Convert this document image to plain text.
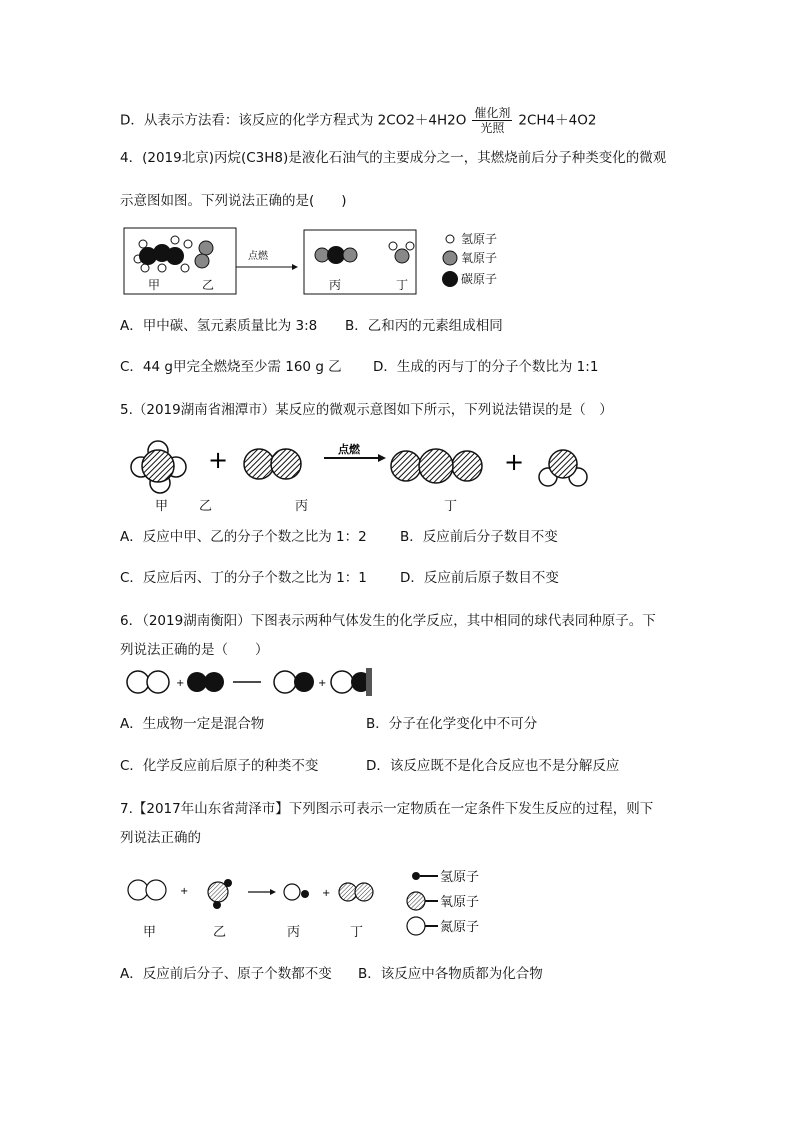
D．从表示方法看：该反应的化学方程式为 2CO2＋4H2O 催化剂
光照	2CH4＋4O2
4．(2019北京)丙烷(C3H8)是液化石油气的主要成分之一，其燃烧前后分子种类变化的微观
示意图如图。下列说法正确的是(　　)
甲	乙
点燃
丙	丁
氢原子
氧原子
碳原子
A．甲中碳、氢元素质量比为 3:8 B．乙和丙的元素组成相同
C．44 g甲完全燃烧至少需 160 g 乙 D．生成的丙与丁的分子个数比为 1:1
5.（2019湖南省湘潭市）某反应的微观示意图如下所示，下列说法错误的是（　）
+	点燃	+
甲 乙	丙	丁
A．反应中甲、乙的分子个数之比为 1：2 B．反应前后分子数目不变
C．反应后丙、丁的分子个数之比为 1：1 D．反应前后原子数目不变
6．（2019湖南衡阳）下图表示两种气体发生的化学反应，其中相同的球代表同种原子。下
列说法正确的是（　　）
+	+
A．生成物一定是混合物	B．分子在化学变化中不可分
C．化学反应前后原子的种类不变	D．该反应既不是化合反应也不是分解反应
7.【2017年山东省菏泽市】下列图示可表示一定物质在一定条件下发生反应的过程，则下
列说法正确的
+	+
甲	乙	丙	丁
氢原子
氧原子
氮原子
A．反应前后分子、原子个数都不变 B．该反应中各物质都为化合物
